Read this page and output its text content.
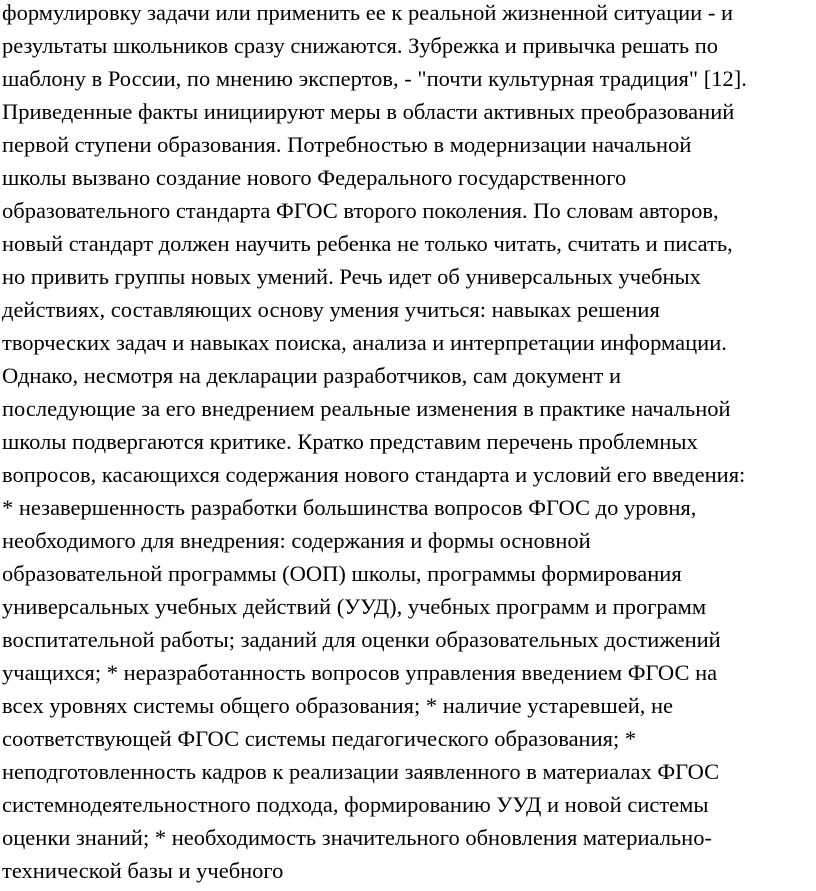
формулировку задачи или применить ее к реальной жизненной ситуации - и
результаты школьников сразу снижаются. Зубрежка и привычка решать по
шаблону в России, по мнению экспертов, - "почти культурная традиция" [12].
Приведенные факты инициируют меры в области активных преобразований
первой ступени образования. Потребностью в модернизации начальной
школы вызвано создание нового Федерального государственного
образовательного стандарта ФГОС второго поколения. По словам авторов,
новый стандарт должен научить ребенка не только читать, считать и писать,
но привить группы новых умений. Речь идет об универсальных учебных
действиях, составляющих основу умения учиться: навыках решения
творческих задач и навыках поиска, анализа и интерпретации информации.
Однако, несмотря на декларации разработчиков, сам документ и
последующие за его внедрением реальные изменения в практике начальной
школы подвергаются критике. Кратко представим перечень проблемных
вопросов, касающихся содержания нового стандарта и условий его введения:
* незавершенность разработки большинства вопросов ФГОС до уровня,
необходимого для внедрения: содержания и формы основной
образовательной программы (ООП) школы, программы формирования
универсальных учебных действий (УУД), учебных программ и программ
воспитательной работы; заданий для оценки образовательных достижений
учащихся; * неразработанность вопросов управления введением ФГОС на
всех уровнях системы общего образования; * наличие устаревшей, не
соответствующей ФГОС системы педагогического образования; *
неподготовленность кадров к реализации заявленного в материалах ФГОС
системнодеятельностного подхода, формированию УУД и новой системы
оценки знаний; * необходимость значительного обновления материально-
технической базы и учебного
